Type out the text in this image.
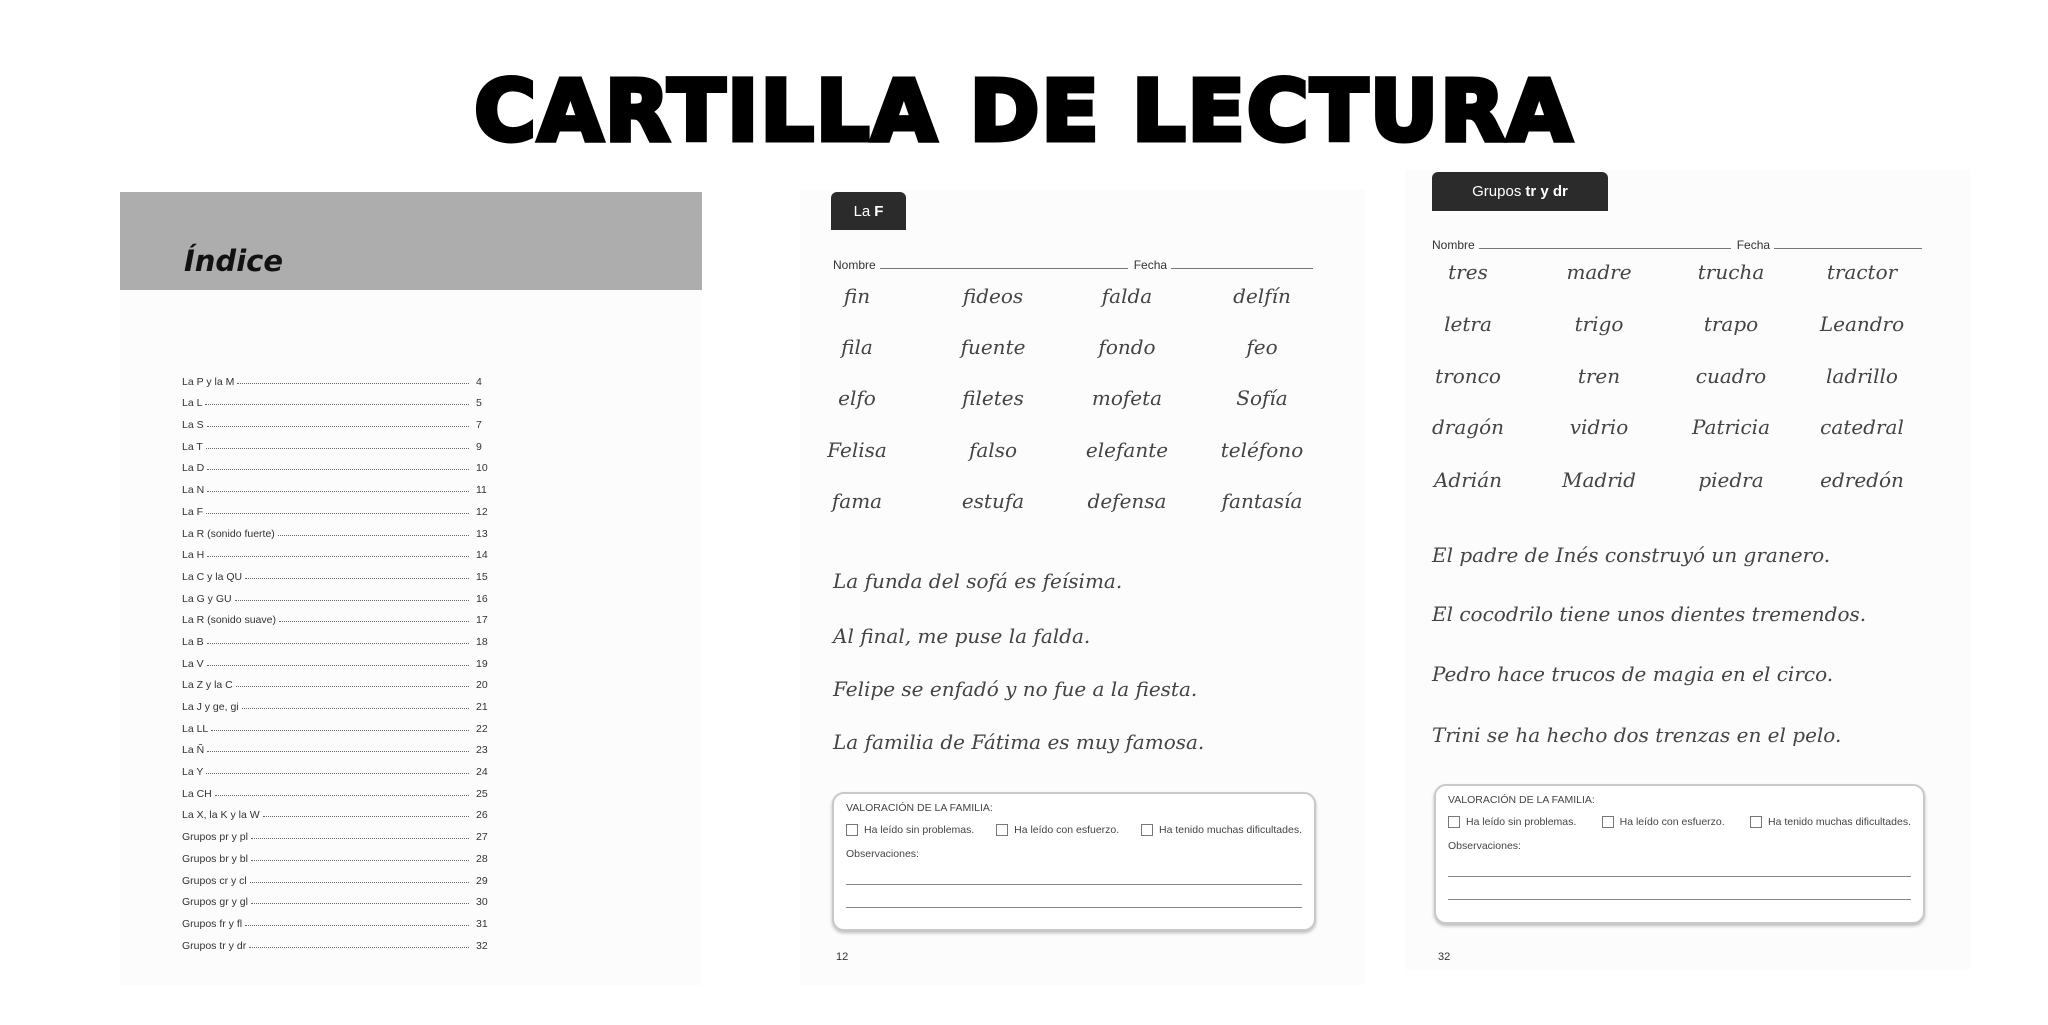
CARTILLA DE LECTURA
Índice
La P y la M	4
La L	5
La S	7
La T	9
La D	10
La N	11
La F	12
La R (sonido fuerte)	13
La H	14
La C y la QU	15
La G y GU	16
La R (sonido suave)	17
La B	18
La V	19
La Z y la C	20
La J y ge, gi	21
La LL	22
La Ñ	23
La Y	24
La CH	25
La X, la K y la W	26
Grupos pr y pl	27
Grupos br y bl	28
Grupos cr y cl	29
Grupos gr y gl	30
Grupos fr y fl	31
Grupos tr y dr	32
La F
Nombre	Fecha
fin	fideos	falda	delfín
fila	fuente	fondo	feo
elfo	filetes	mofeta	Sofía
Felisa	falso	elefante	teléfono
fama	estufa	defensa	fantasía
La funda del sofá es feísima.
Al final, me puse la falda.
Felipe se enfadó y no fue a la fiesta.
La familia de Fátima es muy famosa.
VALORACIÓN DE LA FAMILIA:
Ha leído sin problemas.	Ha leído con esfuerzo.	Ha tenido muchas dificultades.
Observaciones:
12
Grupos tr y dr
Nombre	Fecha
tres	madre	trucha	tractor
letra	trigo	trapo	Leandro
tronco	tren	cuadro	ladrillo
dragón	vidrio	Patricia	catedral
Adrián	Madrid	piedra	edredón
El padre de Inés construyó un granero.
El cocodrilo tiene unos dientes tremendos.
Pedro hace trucos de magia en el circo.
Trini se ha hecho dos trenzas en el pelo.
VALORACIÓN DE LA FAMILIA:
Ha leído sin problemas.	Ha leído con esfuerzo.	Ha tenido muchas dificultades.
Observaciones:
32
